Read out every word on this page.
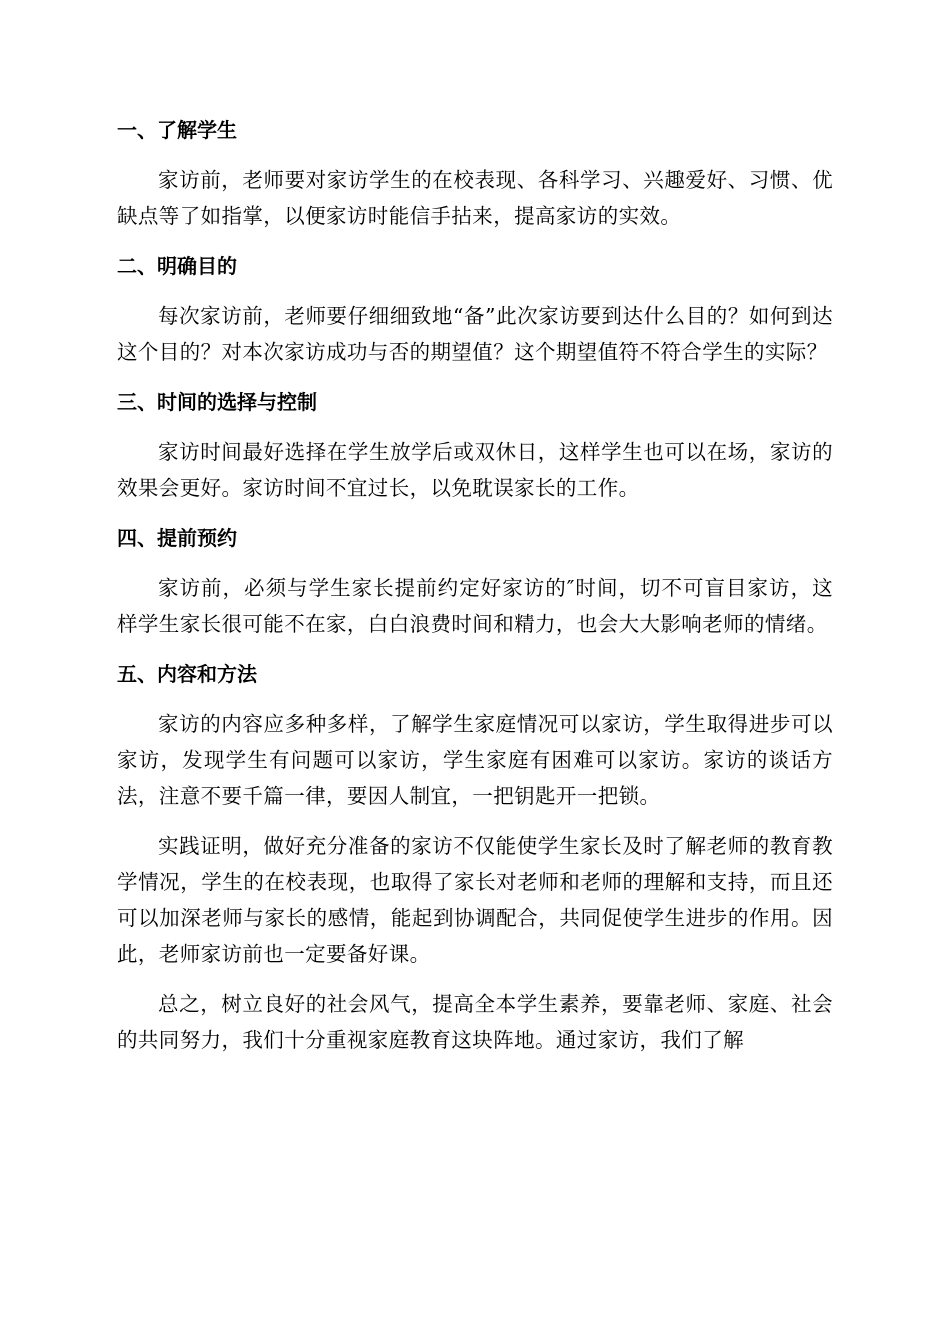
一、了解学生

家访前，老师要对家访学生的在校表现、各科学习、兴趣爱好、习惯、优缺点等了如指掌，以便家访时能信手拈来，提高家访的实效。

二、明确目的

每次家访前，老师要仔细细致地“备”此次家访要到达什么目的？如何到达这个目的？对本次家访成功与否的期望值？这个期望值符不符合学生的实际？

三、时间的选择与控制

家访时间最好选择在学生放学后或双休日，这样学生也可以在场，家访的效果会更好。家访时间不宜过长，以免耽误家长的工作。

四、提前预约

家访前，必须与学生家长提前约定好家访的″时间，切不可盲目家访，这样学生家长很可能不在家，白白浪费时间和精力，也会大大影响老师的情绪。

五、内容和方法

家访的内容应多种多样，了解学生家庭情况可以家访，学生取得进步可以家访，发现学生有问题可以家访，学生家庭有困难可以家访。家访的谈话方法，注意不要千篇一律，要因人制宜，一把钥匙开一把锁。

实践证明，做好充分准备的家访不仅能使学生家长及时了解老师的教育教学情况，学生的在校表现，也取得了家长对老师和老师的理解和支持，而且还可以加深老师与家长的感情，能起到协调配合，共同促使学生进步的作用。因此，老师家访前也一定要备好课。

总之，树立良好的社会风气，提高全本学生素养，要靠老师、家庭、社会的共同努力，我们十分重视家庭教育这块阵地。通过家访，我们了解
